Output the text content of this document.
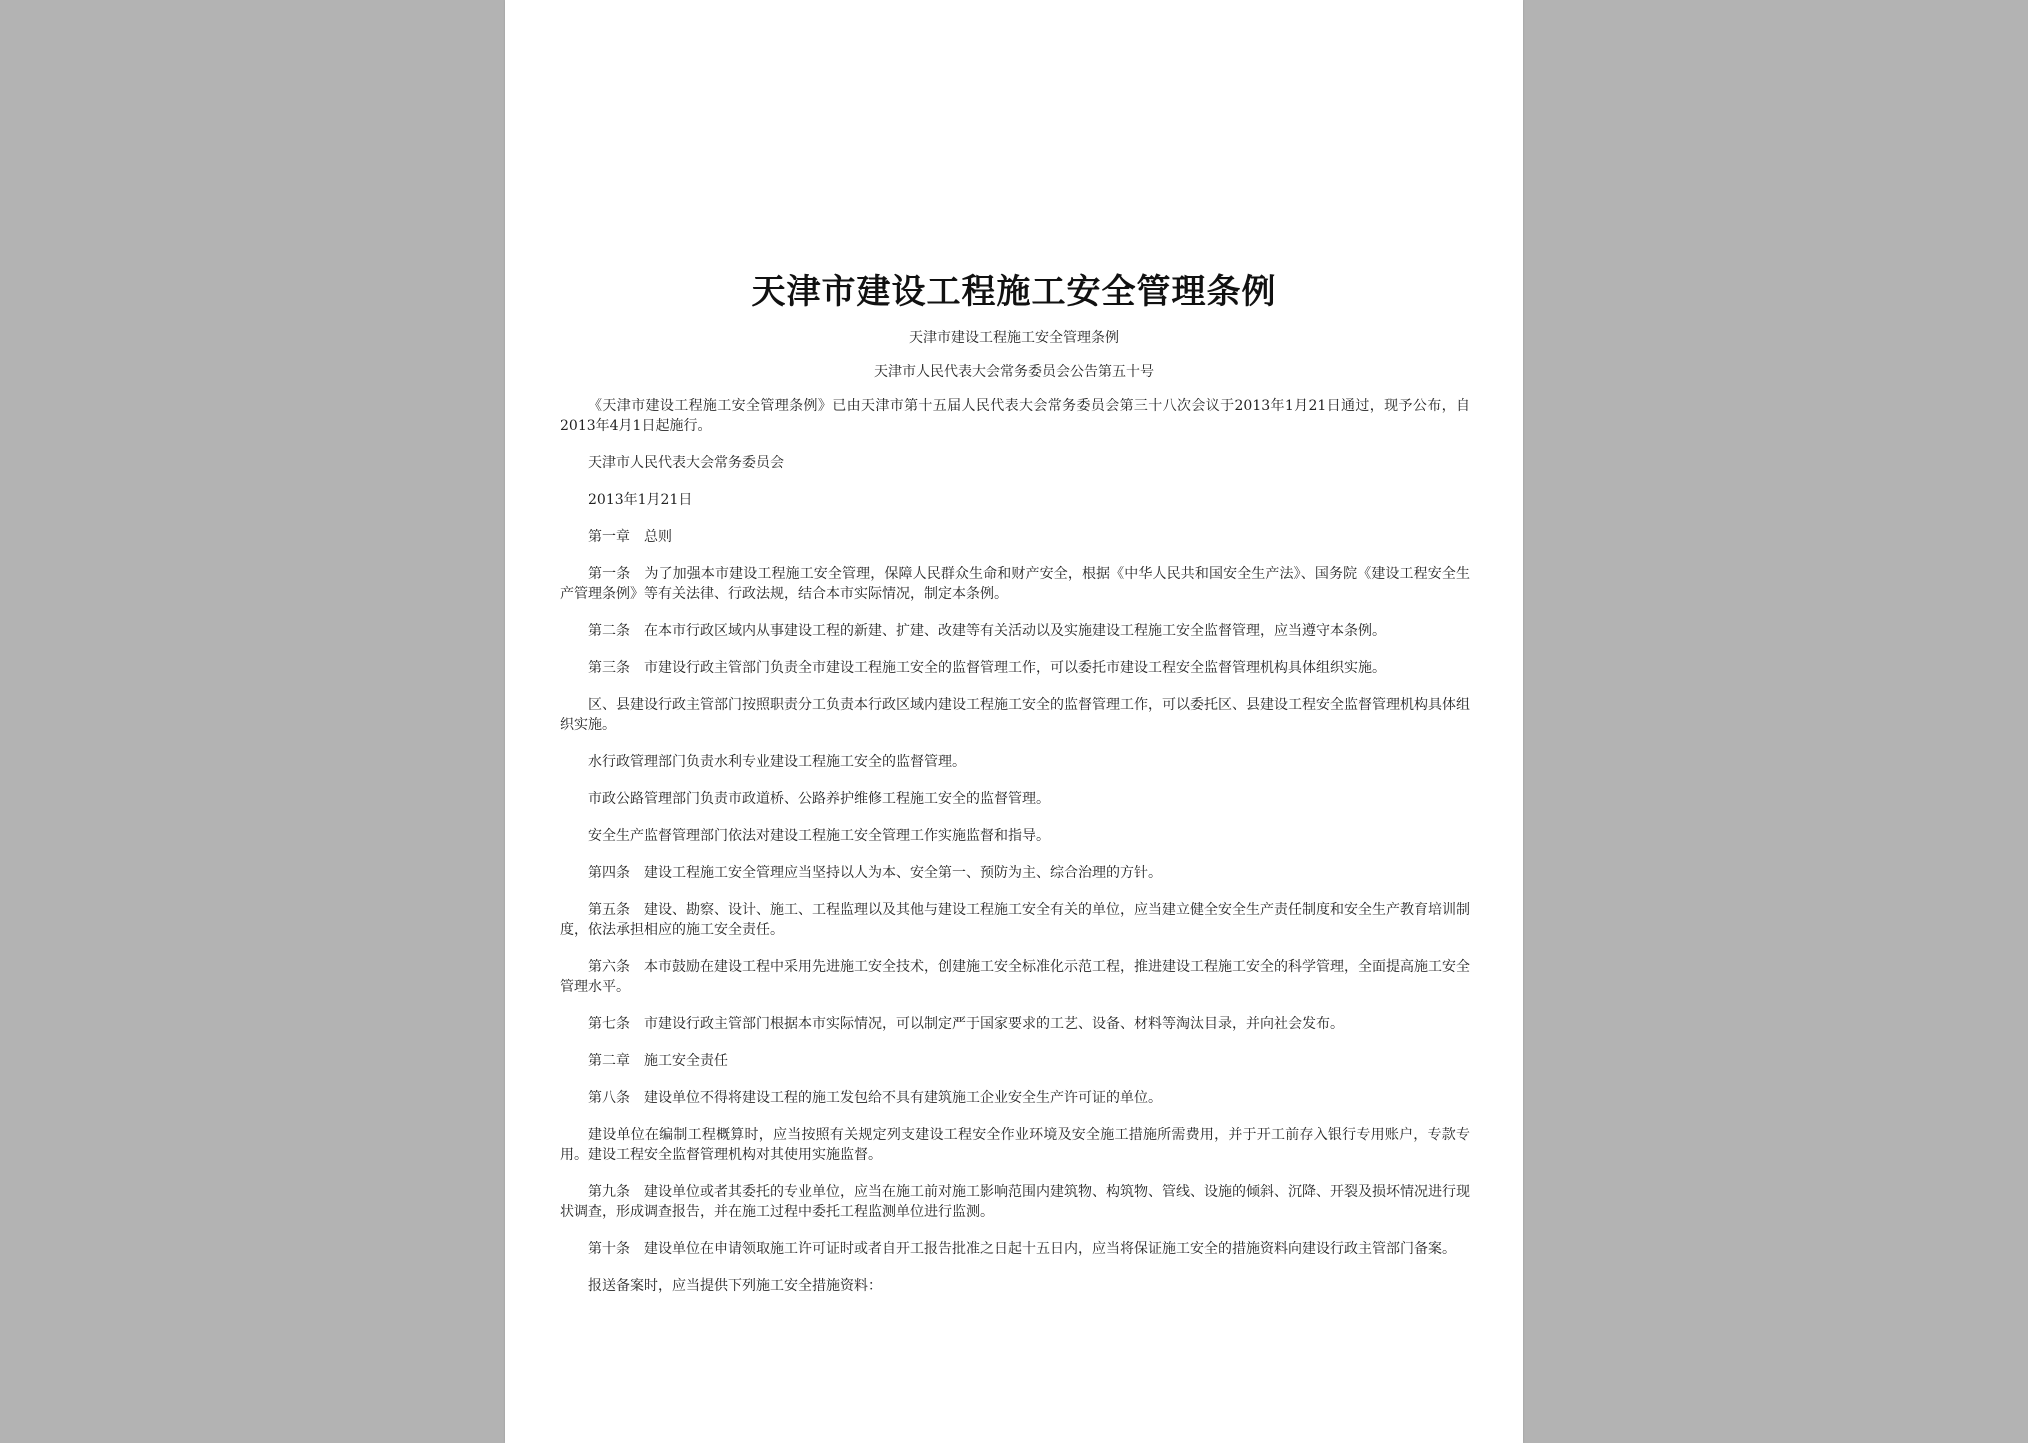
天津市建设工程施工安全管理条例
天津市建设工程施工安全管理条例
天津市人民代表大会常务委员会公告第五十号

《天津市建设工程施工安全管理条例》已由天津市第十五届人民代表大会常务委员会第三十八次会议于2013年1月21日通过，现予公布，自2013年4月1日起施行。

天津市人民代表大会常务委员会

2013年1月21日

第一章　总则

第一条　为了加强本市建设工程施工安全管理，保障人民群众生命和财产安全，根据《中华人民共和国安全生产法》、国务院《建设工程安全生产管理条例》等有关法律、行政法规，结合本市实际情况，制定本条例。

第二条　在本市行政区域内从事建设工程的新建、扩建、改建等有关活动以及实施建设工程施工安全监督管理，应当遵守本条例。

第三条　市建设行政主管部门负责全市建设工程施工安全的监督管理工作，可以委托市建设工程安全监督管理机构具体组织实施。

区、县建设行政主管部门按照职责分工负责本行政区域内建设工程施工安全的监督管理工作，可以委托区、县建设工程安全监督管理机构具体组织实施。

水行政管理部门负责水利专业建设工程施工安全的监督管理。

市政公路管理部门负责市政道桥、公路养护维修工程施工安全的监督管理。

安全生产监督管理部门依法对建设工程施工安全管理工作实施监督和指导。

第四条　建设工程施工安全管理应当坚持以人为本、安全第一、预防为主、综合治理的方针。

第五条　建设、勘察、设计、施工、工程监理以及其他与建设工程施工安全有关的单位，应当建立健全安全生产责任制度和安全生产教育培训制度，依法承担相应的施工安全责任。

第六条　本市鼓励在建设工程中采用先进施工安全技术，创建施工安全标准化示范工程，推进建设工程施工安全的科学管理，全面提高施工安全管理水平。

第七条　市建设行政主管部门根据本市实际情况，可以制定严于国家要求的工艺、设备、材料等淘汰目录，并向社会发布。

第二章　施工安全责任

第八条　建设单位不得将建设工程的施工发包给不具有建筑施工企业安全生产许可证的单位。

建设单位在编制工程概算时，应当按照有关规定列支建设工程安全作业环境及安全施工措施所需费用，并于开工前存入银行专用账户，专款专用。建设工程安全监督管理机构对其使用实施监督。

第九条　建设单位或者其委托的专业单位，应当在施工前对施工影响范围内建筑物、构筑物、管线、设施的倾斜、沉降、开裂及损坏情况进行现状调查，形成调查报告，并在施工过程中委托工程监测单位进行监测。

第十条　建设单位在申请领取施工许可证时或者自开工报告批准之日起十五日内，应当将保证施工安全的措施资料向建设行政主管部门备案。

报送备案时，应当提供下列施工安全措施资料：
